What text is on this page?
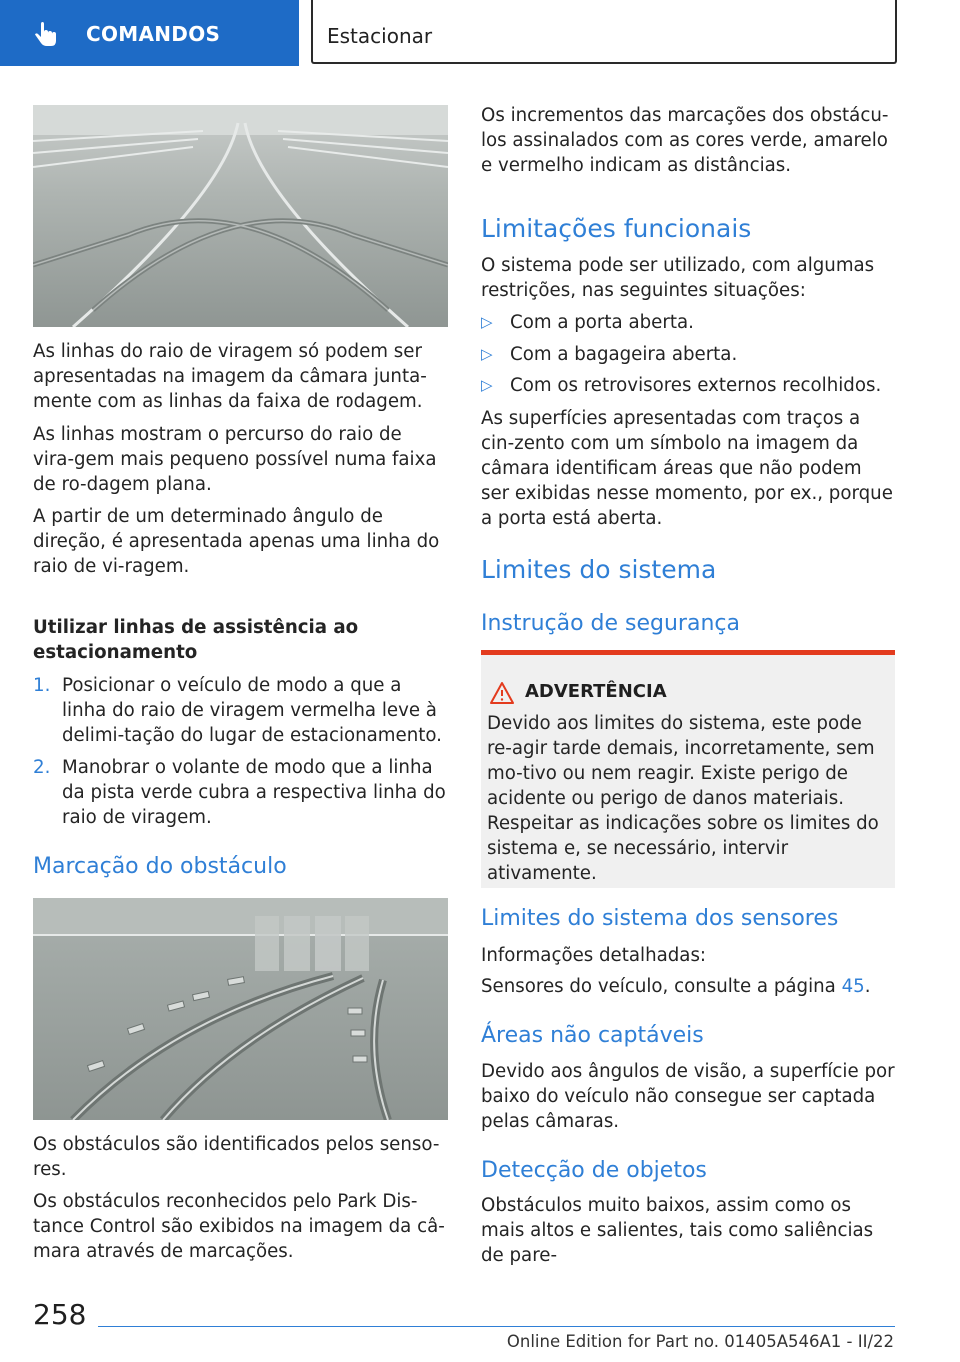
COMANDOS	Estacionar

As linhas do raio de viragem só podem ser apresentadas na imagem da câmara junta-mente com as linhas da faixa de rodagem.

As linhas mostram o percurso do raio de vira-gem mais pequeno possível numa faixa de ro-dagem plana.

A partir de um determinado ângulo de direção, é apresentada apenas uma linha do raio de vi-ragem.

Utilizar linhas de assistência ao estacionamento
1. Posicionar o veículo de modo a que a linha do raio de viragem vermelha leve à delimi-tação do lugar de estacionamento.
2. Manobrar o volante de modo que a linha da pista verde cubra a respectiva linha do raio de viragem.
Marcação do obstáculo

Os obstáculos são identificados pelos senso-res.

Os obstáculos reconhecidos pelo Park Dis-tance Control são exibidos na imagem da câ-mara através de marcações.

Os incrementos das marcações dos obstácu-los assinalados com as cores verde, amarelo e vermelho indicam as distâncias.

Limitações funcionais

O sistema pode ser utilizado, com algumas restrições, nas seguintes situações:

▷ Com a porta aberta.
▷ Com a bagageira aberta.
▷ Com os retrovisores externos recolhidos.

As superfícies apresentadas com traços a cin-zento com um símbolo na imagem da câmara identificam áreas que não podem ser exibidas nesse momento, por ex., porque a porta está aberta.

Limites do sistema
Instrução de segurança
ADVERTÊNCIA

Devido aos limites do sistema, este pode re-agir tarde demais, incorretamente, sem mo-tivo ou nem reagir. Existe perigo de acidente ou perigo de danos materiais. Respeitar as indicações sobre os limites do sistema e, se necessário, intervir ativamente.

Limites do sistema dos sensores

Informações detalhadas:

Sensores do veículo, consulte a página 45.

Áreas não captáveis

Devido aos ângulos de visão, a superfície por baixo do veículo não consegue ser captada pelas câmaras.

Detecção de objetos

Obstáculos muito baixos, assim como os mais altos e salientes, tais como saliências de pare-

258
Online Edition for Part no. 01405A546A1 - II/22
